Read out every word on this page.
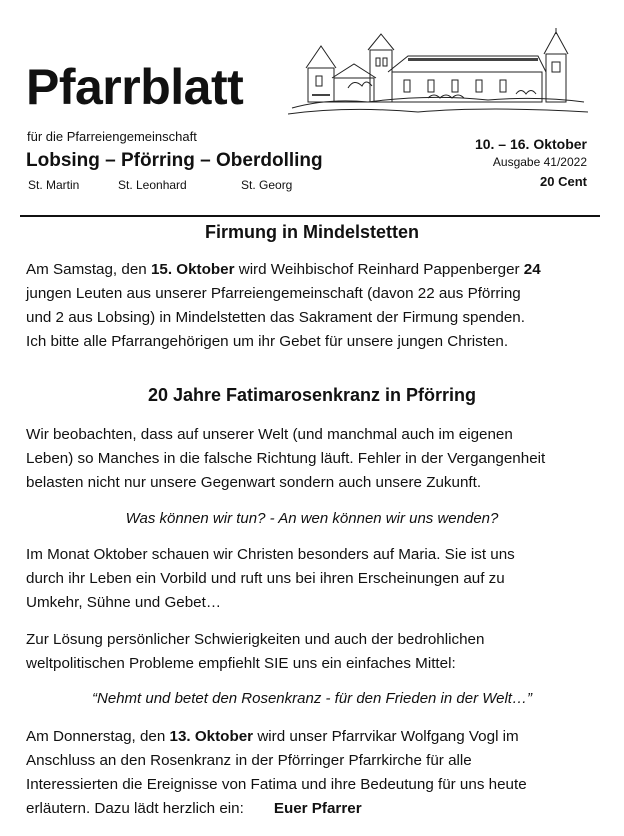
Pfarrblatt
für die Pfarreiengemeinschaft
Lobsing – Pförring – Oberdolling
St. Martin	St. Leonhard	St. Georg
10. – 16. Oktober
Ausgabe 41/2022
20 Cent
Firmung in Mindelstetten
Am Samstag, den 15. Oktober wird Weihbischof Reinhard Pappenberger 24
jungen Leuten aus unserer Pfarreiengemeinschaft (davon 22 aus Pförring
und 2 aus Lobsing) in Mindelstetten das Sakrament der Firmung spenden.
Ich bitte alle Pfarrangehörigen um ihr Gebet für unsere jungen Christen.
20 Jahre Fatimarosenkranz in Pförring
Wir beobachten, dass auf unserer Welt (und manchmal auch im eigenen
Leben) so Manches in die falsche Richtung läuft. Fehler in der Vergangenheit
belasten nicht nur unsere Gegenwart sondern auch unsere Zukunft.
Was können wir tun? - An wen können wir uns wenden?
Im Monat Oktober schauen wir Christen besonders auf Maria. Sie ist uns
durch ihr Leben ein Vorbild und ruft uns bei ihren Erscheinungen auf zu
Umkehr, Sühne und Gebet…
Zur Lösung persönlicher Schwierigkeiten und auch der bedrohlichen
weltpolitischen Probleme empfiehlt SIE uns ein einfaches Mittel:
“Nehmt und betet den Rosenkranz - für den Frieden in der Welt…”
Am Donnerstag, den 13. Oktober wird unser Pfarrvikar Wolfgang Vogl im
Anschluss an den Rosenkranz in der Pförringer Pfarrkirche für alle
Interessierten die Ereignisse von Fatima und ihre Bedeutung für uns heute
erläutern. Dazu lädt herzlich ein: Euer Pfarrer
